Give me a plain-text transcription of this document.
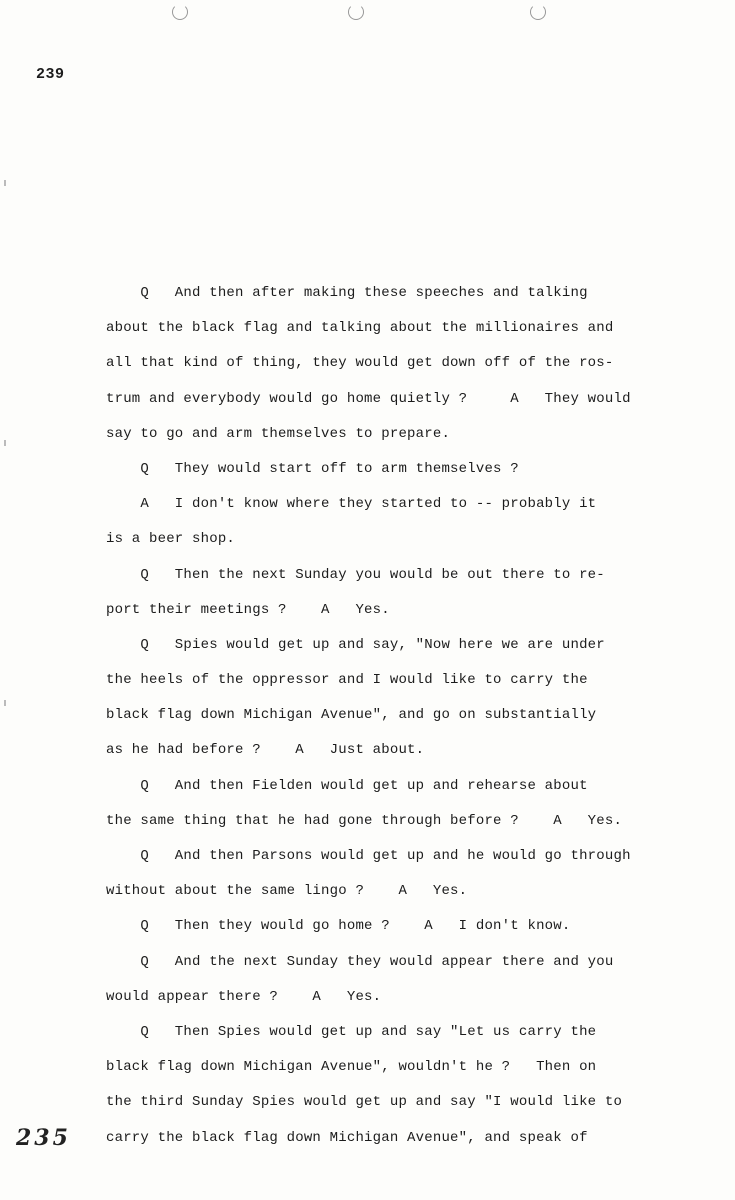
239
Q   And then after making these speeches and talking
about the black flag and talking about the millionaires and
all that kind of thing, they would get down off of the ros-
trum and everybody would go home quietly ?     A   They would
say to go and arm themselves to prepare.
Q   They would start off to arm themselves ?
A   I don't know where they started to -- probably it
is a beer shop.
Q   Then the next Sunday you would be out there to re-
port their meetings ?    A   Yes.
Q   Spies would get up and say, "Now here we are under
the heels of the oppressor and I would like to carry the
black flag down Michigan Avenue", and go on substantially
as he had before ?    A   Just about.
Q   And then Fielden would get up and rehearse about
the same thing that he had gone through before ?    A   Yes.
Q   And then Parsons would get up and he would go through
without about the same lingo ?    A   Yes.
Q   Then they would go home ?    A   I don't know.
Q   And the next Sunday they would appear there and you
would appear there ?    A   Yes.
Q   Then Spies would get up and say "Let us carry the
black flag down Michigan Avenue", wouldn't he ?   Then on
the third Sunday Spies would get up and say "I would like to
carry the black flag down Michigan Avenue", and speak of
235
